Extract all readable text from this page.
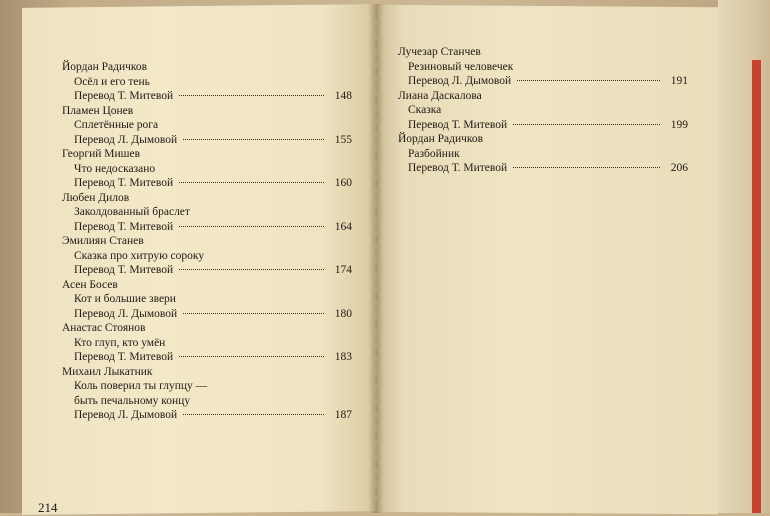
Йордан Радичков
Осёл и его тень
Перевод Т. Митевой	148
Пламен Цонев
Сплетённые рога
Перевод Л. Дымовой	155
Георгий Мишев
Что недосказано
Перевод Т. Митевой	160
Любен Дилов
Заколдованный браслет
Перевод Т. Митевой	164
Эмилиян Станев
Сказка про хитрую сороку
Перевод Т. Митевой	174
Асен Босев
Кот и большие звери
Перевод Л. Дымовой	180
Анастас Стоянов
Кто глуп, кто умён
Перевод Т. Митевой	183
Михаил Лыкатник
Коль поверил ты глупцу —
быть печальному концу
Перевод Л. Дымовой	187
214
Лучезар Станчев
Резиновый человечек
Перевод Л. Дымовой	191
Лиана Даскалова
Сказка
Перевод Т. Митевой	199
Йордан Радичков
Разбойник
Перевод Т. Митевой	206
